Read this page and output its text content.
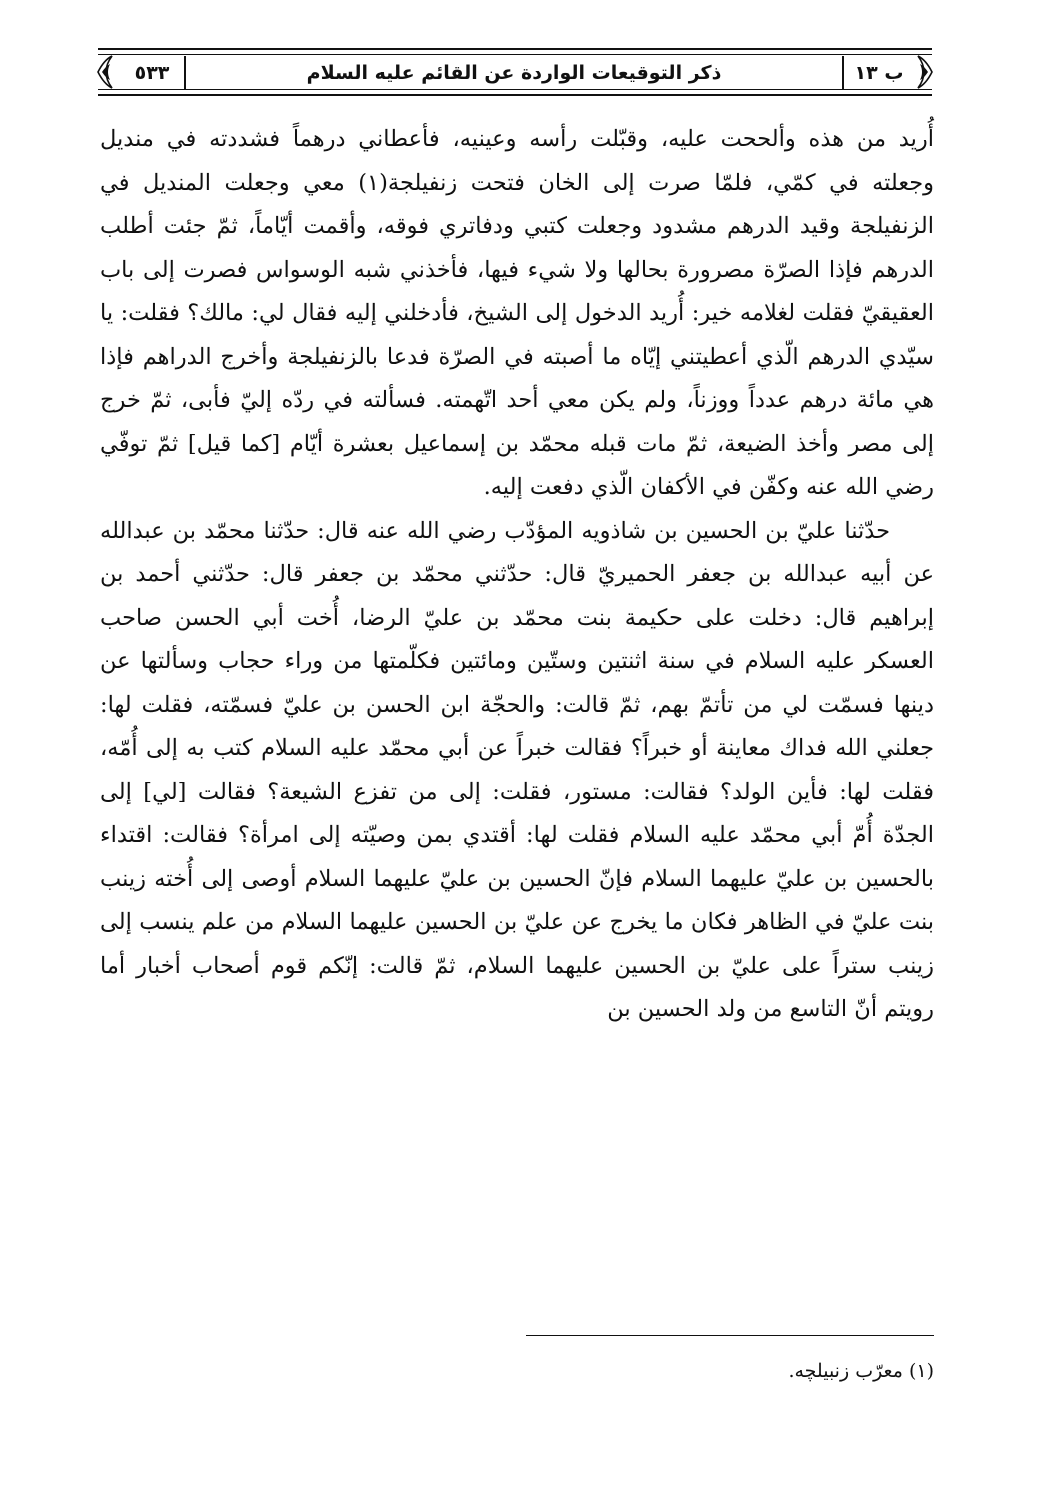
٥٣٣	ذكر التوقيعات الواردة عن القائم عليه السلام	ب ١٣

أُريد من هذه وألححت عليه، وقبّلت رأسه وعينيه، فأعطاني درهماً فشددته في منديل وجعلته في كمّي، فلمّا صرت إلى الخان فتحت زنفيلجة(١) معي وجعلت المنديل في الزنفيلجة وقيد الدرهم مشدود وجعلت كتبي ودفاتري فوقه، وأقمت أيّاماً، ثمّ جئت أطلب الدرهم فإذا الصرّة مصرورة بحالها ولا شيء فيها، فأخذني شبه الوسواس فصرت إلى باب العقيقيّ فقلت لغلامه خير: أُريد الدخول إلى الشيخ، فأدخلني إليه فقال لي: مالك؟ فقلت: يا سيّدي الدرهم الّذي أعطيتني إيّاه ما أصبته في الصرّة فدعا بالزنفيلجة وأخرج الدراهم فإذا هي مائة درهم عدداً ووزناً، ولم يكن معي أحد اتّهمته. فسألته في ردّه إليّ فأبى، ثمّ خرج إلى مصر وأخذ الضيعة، ثمّ مات قبله محمّد بن إسماعيل بعشرة أيّام [كما قيل] ثمّ توفّي رضي الله عنه وكفّن في الأكفان الّذي دفعت إليه.

حدّثنا عليّ بن الحسين بن شاذويه المؤدّب رضي الله عنه قال: حدّثنا محمّد بن عبدالله عن أبيه عبدالله بن جعفر الحميريّ قال: حدّثني محمّد بن جعفر قال: حدّثني أحمد بن إبراهيم قال: دخلت على حكيمة بنت محمّد بن عليّ الرضا، أُخت أبي الحسن صاحب العسكر عليه السلام في سنة اثنتين وستّين ومائتين فكلّمتها من وراء حجاب وسألتها عن دينها فسمّت لي من تأتمّ بهم، ثمّ قالت: والحجّة ابن الحسن بن عليّ فسمّته، فقلت لها: جعلني الله فداك معاينة أو خبراً؟ فقالت خبراً عن أبي محمّد عليه السلام كتب به إلى أُمّه، فقلت لها: فأين الولد؟ فقالت: مستور، فقلت: إلى من تفزع الشيعة؟ فقالت [لي] إلى الجدّة أُمّ أبي محمّد عليه السلام فقلت لها: أقتدي بمن وصيّته إلى امرأة؟ فقالت: اقتداء بالحسين بن عليّ عليهما السلام فإنّ الحسين بن عليّ عليهما السلام أوصى إلى أُخته زينب بنت عليّ في الظاهر فكان ما يخرج عن عليّ بن الحسين عليهما السلام من علم ينسب إلى زينب ستراً على عليّ بن الحسين عليهما السلام، ثمّ قالت: إنّكم قوم أصحاب أخبار أما رويتم أنّ التاسع من ولد الحسين بن

(١) معرّب زنبيلچه.
